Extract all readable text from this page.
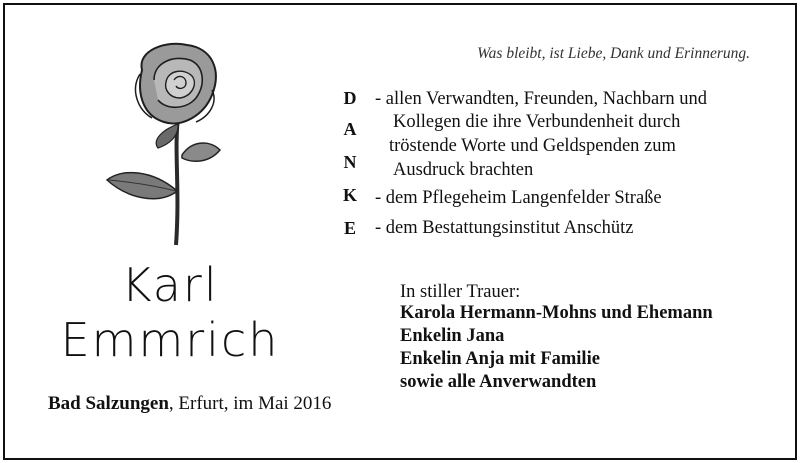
Was bleibt, ist Liebe, Dank und Erinnerung.
D
A
N
K
E
- allen Verwandten, Freunden, Nachbarn und
Kollegen die ihre Verbundenheit durch
tröstende Worte und Geldspenden zum
Ausdruck brachten
- dem Pflegeheim Langenfelder Straße
- dem Bestattungsinstitut Anschütz
Karl
Emmrich
Bad Salzungen, Erfurt, im Mai 2016
In stiller Trauer:
Karola Hermann-Mohns und Ehemann
Enkelin Jana
Enkelin Anja mit Familie
sowie alle Anverwandten
